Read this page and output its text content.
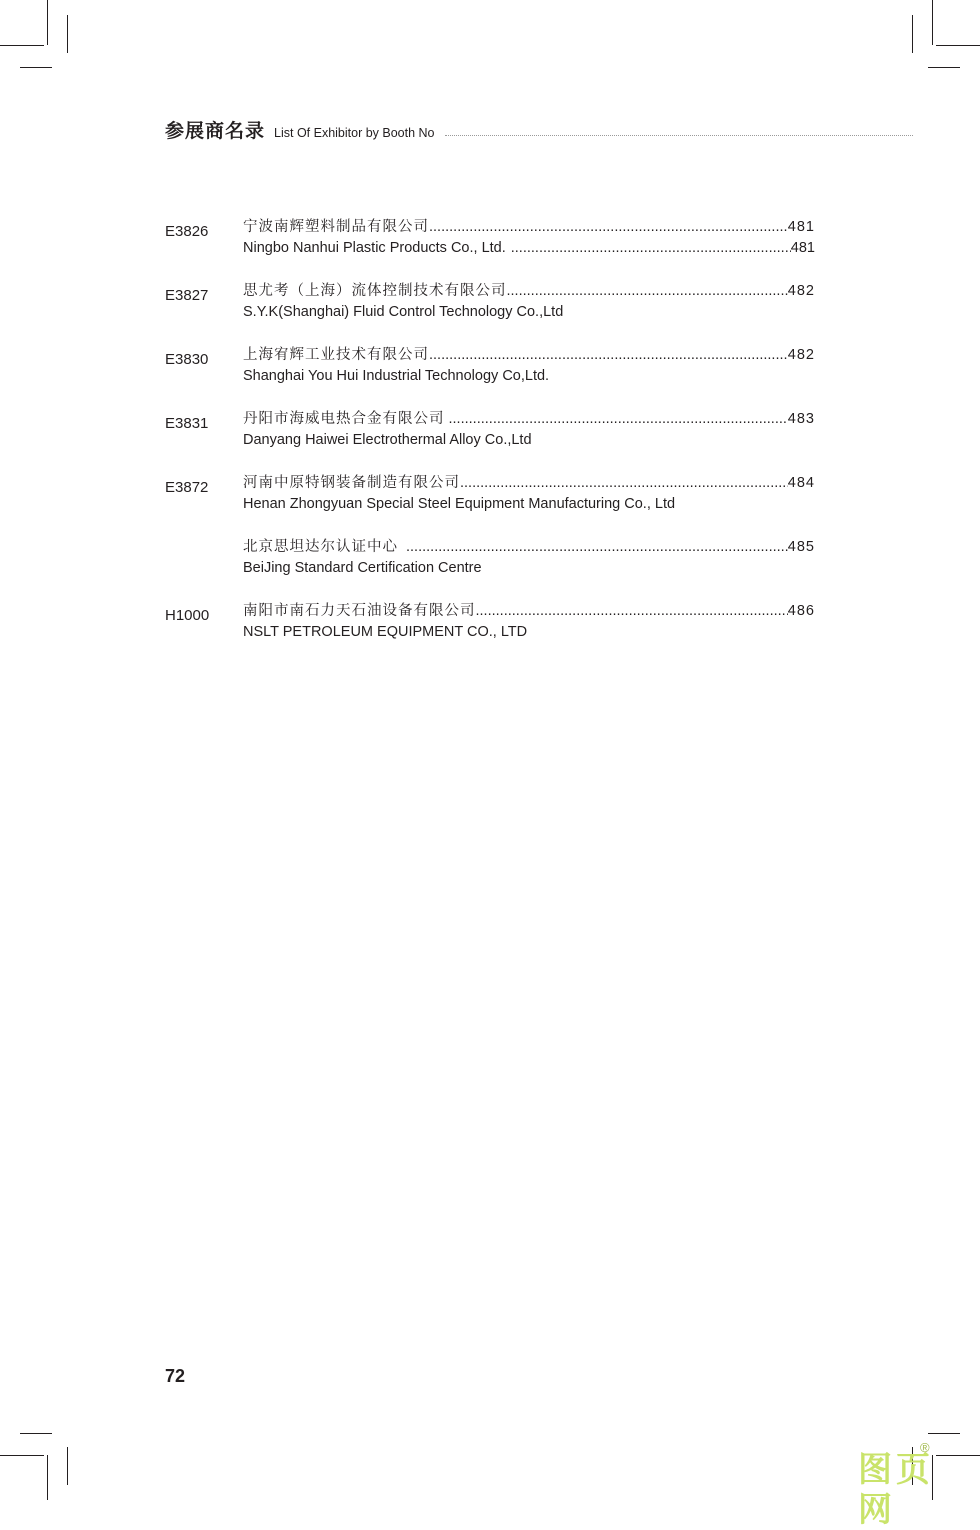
参展商名录 List Of Exhibitor by Booth No
E3826 宁波南辉塑料制品有限公司 .....	481
Ningbo Nanhui Plastic Products Co., Ltd. .....	481
E3827 思尤考（上海）流体控制技术有限公司 .....	482
S.Y.K(Shanghai) Fluid Control Technology Co.,Ltd
E3830 上海宥辉工业技术有限公司 .....	482
Shanghai You Hui Industrial Technology Co,Ltd.
E3831 丹阳市海威电热合金有限公司 .....	483
Danyang Haiwei Electrothermal Alloy Co.,Ltd
E3872 河南中原特钢装备制造有限公司 .....	484
Henan Zhongyuan Special Steel Equipment Manufacturing Co., Ltd
北京思坦达尔认证中心 .....	485
BeiJing Standard Certification Centre
H1000 南阳市南石力天石油设备有限公司 .....	486
NSLT PETROLEUM EQUIPMENT CO., LTD
72
图页网
®
